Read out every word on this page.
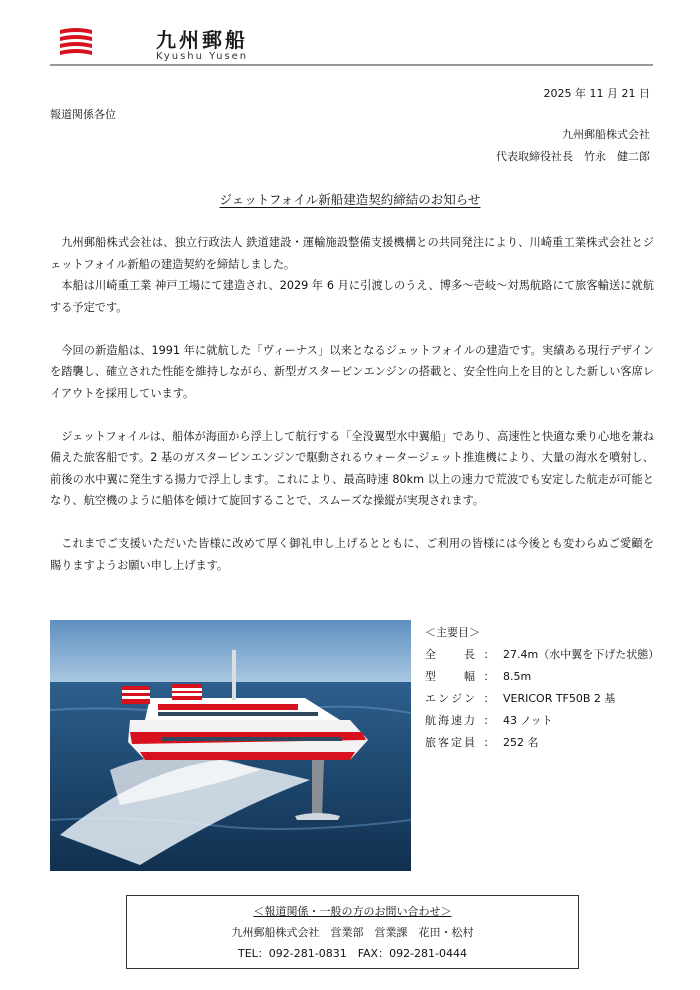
九州郵船
Kyushu Yusen
2025 年 11 月 21 日
報道関係各位
九州郵船株式会社
代表取締役社長　竹永　健二郎
ジェットフォイル新船建造契約締結のお知らせ

九州郵船株式会社は、独立行政法人 鉄道建設・運輸施設整備支援機構との共同発注により、川崎重工業株式会社とジェットフォイル新船の建造契約を締結しました。

本船は川崎重工業 神戸工場にて建造され、2029 年 6 月に引渡しのうえ、博多～壱岐～対馬航路にて旅客輸送に就航する予定です。

今回の新造船は、1991 年に就航した「ヴィーナス」以来となるジェットフォイルの建造です。実績ある現行デザインを踏襲し、確立された性能を維持しながら、新型ガスタービンエンジンの搭載と、安全性向上を目的とした新しい客席レイアウトを採用しています。

ジェットフォイルは、船体が海面から浮上して航行する「全没翼型水中翼船」であり、高速性と快適な乗り心地を兼ね備えた旅客船です。2 基のガスタービンエンジンで駆動されるウォータージェット推進機により、大量の海水を噴射し、前後の水中翼に発生する揚力で浮上します。これにより、最高時速 80km 以上の速力で荒波でも安定した航走が可能となり、航空機のように船体を傾けて旋回することで、スムーズな操縦が実現されます。

これまでご支援いただいた皆様に改めて厚く御礼申し上げるとともに、ご利用の皆様には今後とも変わらぬご愛顧を賜りますようお願い申し上げます。

＜主要目＞
全長 ： 27.4m（水中翼を下げた状態）
型幅 ： 8.5m
エンジン ： VERICOR TF50B 2 基
航海速力 ： 43 ノット
旅客定員 ： 252 名
＜報道関係・一般の方のお問い合わせ＞
九州郵船株式会社　営業部　営業課　花田・松村
TEL：092-281-0831　FAX：092-281-0444
